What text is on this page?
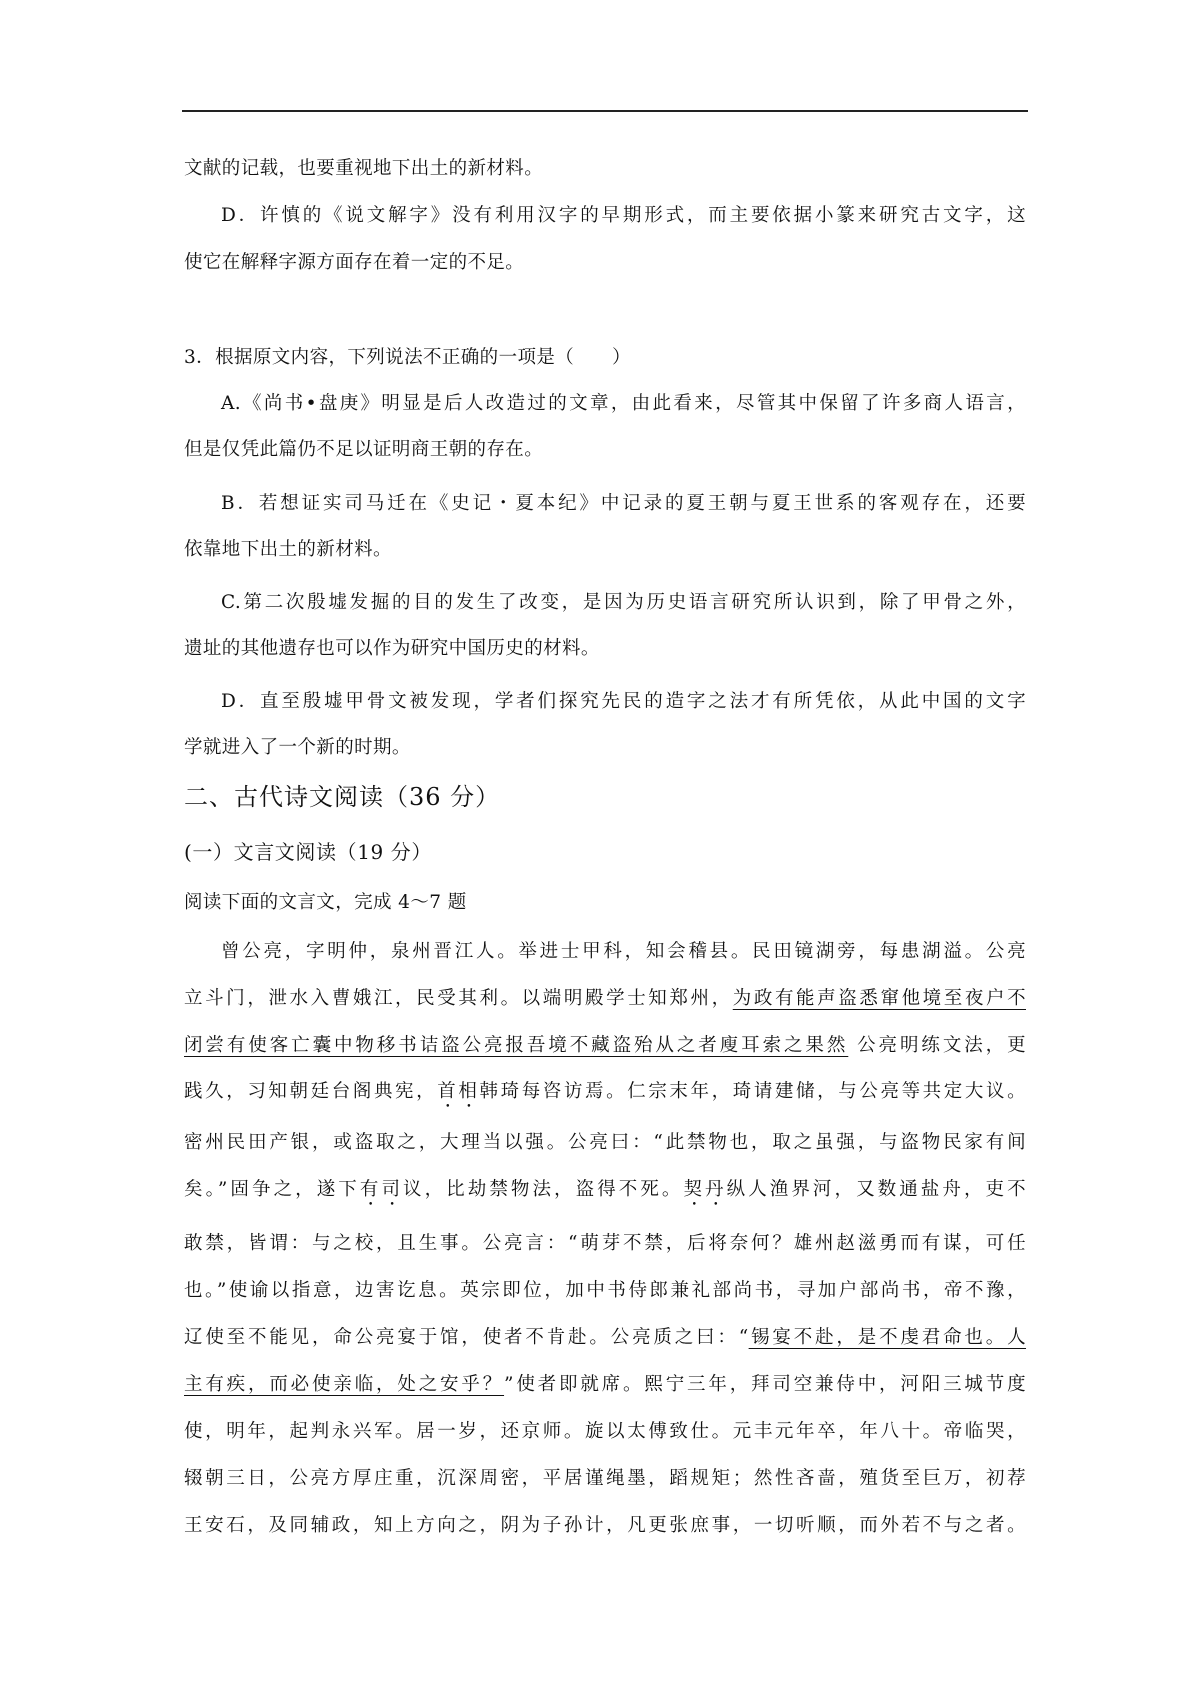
文献的记载，也要重视地下出土的新材料。
D．许慎的《说文解字》没有利用汉字的早期形式，而主要依据小篆来研究古文字，这
使它在解释字源方面存在着一定的不足。
3．根据原文内容，下列说法不正确的一项是（　　）
A.《尚书•盘庚》明显是后人改造过的文章，由此看来，尽管其中保留了许多商人语言，
但是仅凭此篇仍不足以证明商王朝的存在。
B．若想证实司马迁在《史记・夏本纪》中记录的夏王朝与夏王世系的客观存在，还要
依靠地下出土的新材料。
C.第二次殷墟发掘的目的发生了改变，是因为历史语言研究所认识到，除了甲骨之外，
遗址的其他遗存也可以作为研究中国历史的材料。
D．直至殷墟甲骨文被发现，学者们探究先民的造字之法才有所凭依，从此中国的文字
学就进入了一个新的时期。
二、古代诗文阅读（36 分）
(一）文言文阅读（19 分）
阅读下面的文言文，完成 4～7 题
曾公亮，字明仲，泉州晋江人。举进士甲科，知会稽县。民田镜湖旁，每患湖溢。公亮
立斗门，泄水入曹娥江，民受其利。以端明殿学士知郑州，为政有能声盗悉窜他境至夜户不
闭尝有使客亡囊中物移书诘盗公亮报吾境不藏盗殆从之者廋耳索之果然 公亮明练文法，更
践久，习知朝廷台阁典宪，首相韩琦每咨访焉。仁宗末年，琦请建储，与公亮等共定大议。
密州民田产银，或盗取之，大理当以强。公亮曰：“此禁物也，取之虽强，与盗物民家有间
矣。”固争之，遂下有司议，比劫禁物法，盗得不死。契丹纵人渔界河，又数通盐舟，吏不
敢禁，皆谓：与之校，且生事。公亮言：“萌芽不禁，后将奈何？雄州赵滋勇而有谋，可任
也。”使谕以指意，边害讫息。英宗即位，加中书侍郎兼礼部尚书，寻加户部尚书，帝不豫，
辽使至不能见，命公亮宴于馆，使者不肯赴。公亮质之曰：“锡宴不赴，是不虔君命也。人
主有疾，而必使亲临，处之安乎？”使者即就席。熙宁三年，拜司空兼侍中，河阳三城节度
使，明年，起判永兴军。居一岁，还京师。旋以太傅致仕。元丰元年卒，年八十。帝临哭，
辍朝三日，公亮方厚庄重，沉深周密，平居谨绳墨，蹈规矩；然性吝啬，殖货至巨万，初荐
王安石，及同辅政，知上方向之，阴为子孙计，凡更张庶事，一切听顺，而外若不与之者。
